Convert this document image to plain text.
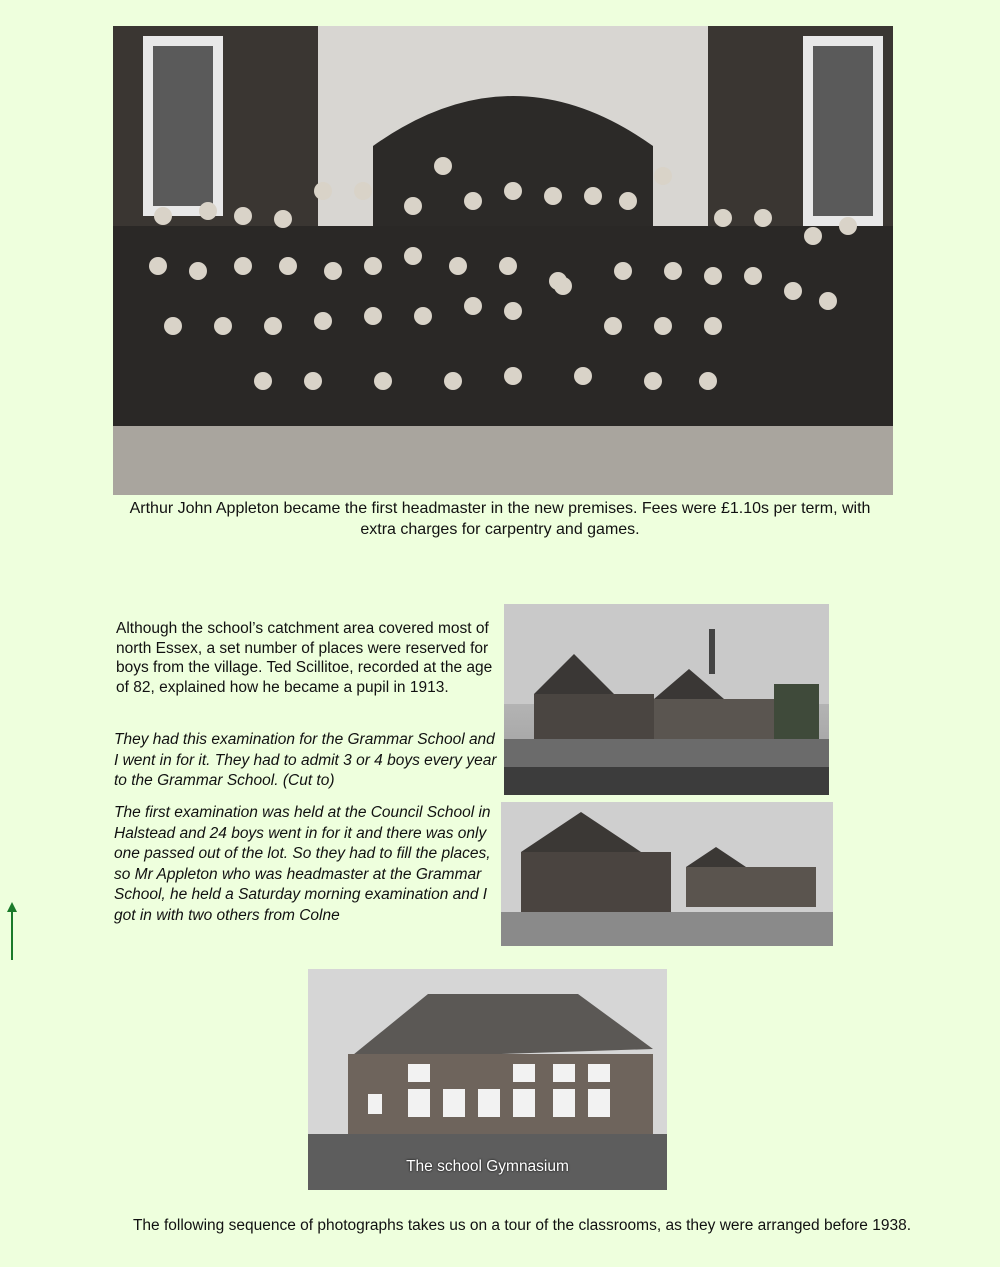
Arthur John Appleton became the first headmaster in the new premises. Fees were £1.10s per term, with extra charges for carpentry and games.
Although the school’s catchment area covered most of north Essex, a set number of places were reserved for boys from the village. Ted Scillitoe, recorded at the age of 82, explained how he became a pupil in 1913.
They had this examination for the Grammar School and I went in for it. They had to admit 3 or 4 boys every year to the Grammar School. (Cut to)
The first examination was held at the Council School in Halstead and 24 boys went in for it and there was only one passed out of the lot. So they had to fill the places, so Mr Appleton who was headmaster at the Grammar School, he held a Saturday morning examination and I got in with two others from Colne
The school Gymnasium
The following sequence of photographs takes us on a tour of the classrooms, as they were arranged before 1938.
